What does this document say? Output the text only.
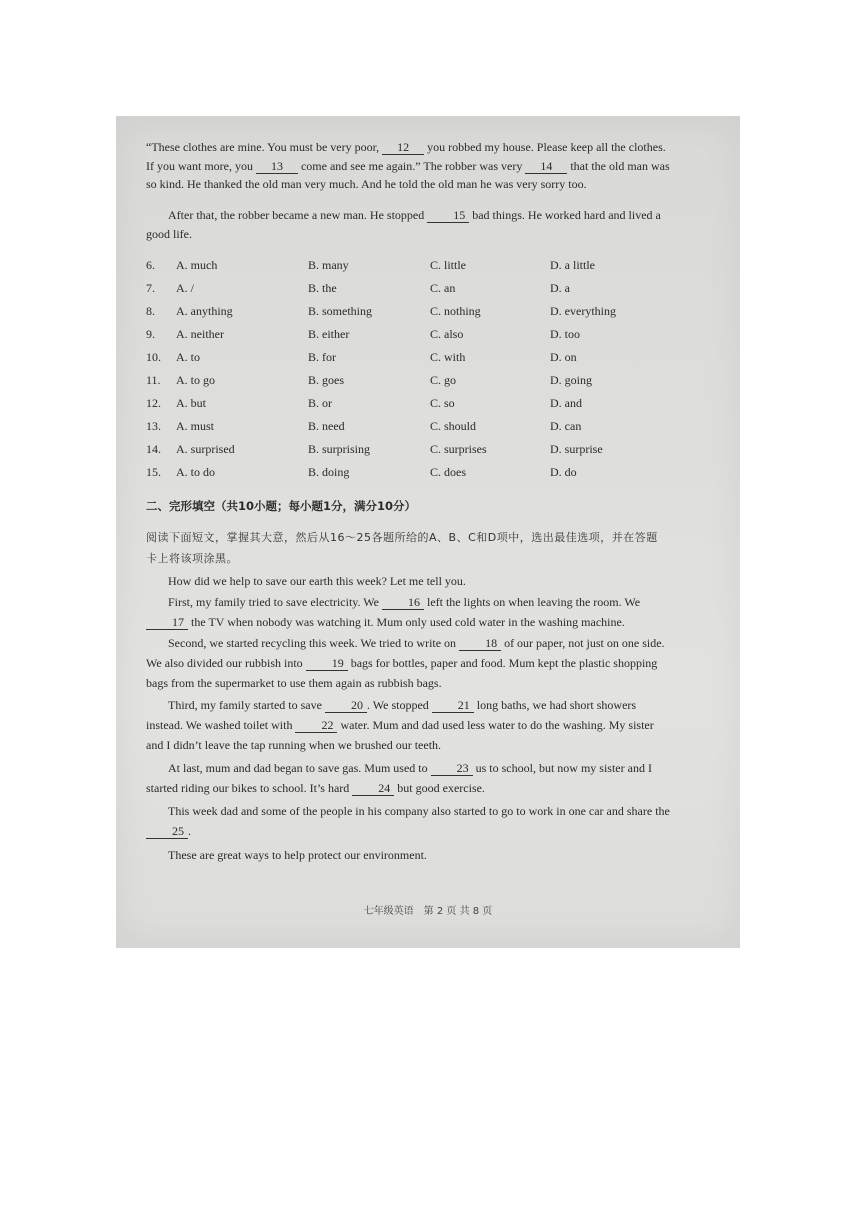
“These clothes are mine. You must be very poor, 12 you robbed my house. Please keep all the clothes. If you want more, you 13 come and see me again.” The robber was very 14 that the old man was so kind. He thanked the old man very much. And he told the old man he was very sorry too.

After that, the robber became a new man. He stopped 15 bad things. He worked hard and lived a good life.

6. A. much	B. many	C. little	D. a little
7. A. /	B. the	C. an	D. a
8. A. anything	B. something	C. nothing	D. everything
9. A. neither	B. either	C. also	D. too
10. A. to	B. for	C. with	D. on
11. A. to go	B. goes	C. go	D. going
12. A. but	B. or	C. so	D. and
13. A. must	B. need	C. should	D. can
14. A. surprised	B. surprising	C. surprises	D. surprise
15. A. to do	B. doing	C. does	D. do
二、完形填空（共10小题；每小题1分，满分10分）
阅读下面短文，掌握其大意，然后从16～25各题所给的A、B、C和D项中，选出最佳选项，并在答题卡上将该项涂黑。

How did we help to save our earth this week? Let me tell you.

First, my family tried to save electricity. We 16 left the lights on when leaving the room. We 17 the TV when nobody was watching it. Mum only used cold water in the washing machine.

Second, we started recycling this week. We tried to write on 18 of our paper, not just on one side. We also divided our rubbish into 19 bags for bottles, paper and food. Mum kept the plastic shopping bags from the supermarket to use them again as rubbish bags.

Third, my family started to save 20 . We stopped 21 long baths, we had short showers instead. We washed toilet with 22 water. Mum and dad used less water to do the washing. My sister and I didn’t leave the tap running when we brushed our teeth.

At last, mum and dad began to save gas. Mum used to 23 us to school, but now my sister and I started riding our bikes to school. It’s hard 24 but good exercise.

This week dad and some of the people in his company also started to go to work in one car and share the 25 .

These are great ways to help protect our environment.

七年级英语　第 2 页 共 8 页
